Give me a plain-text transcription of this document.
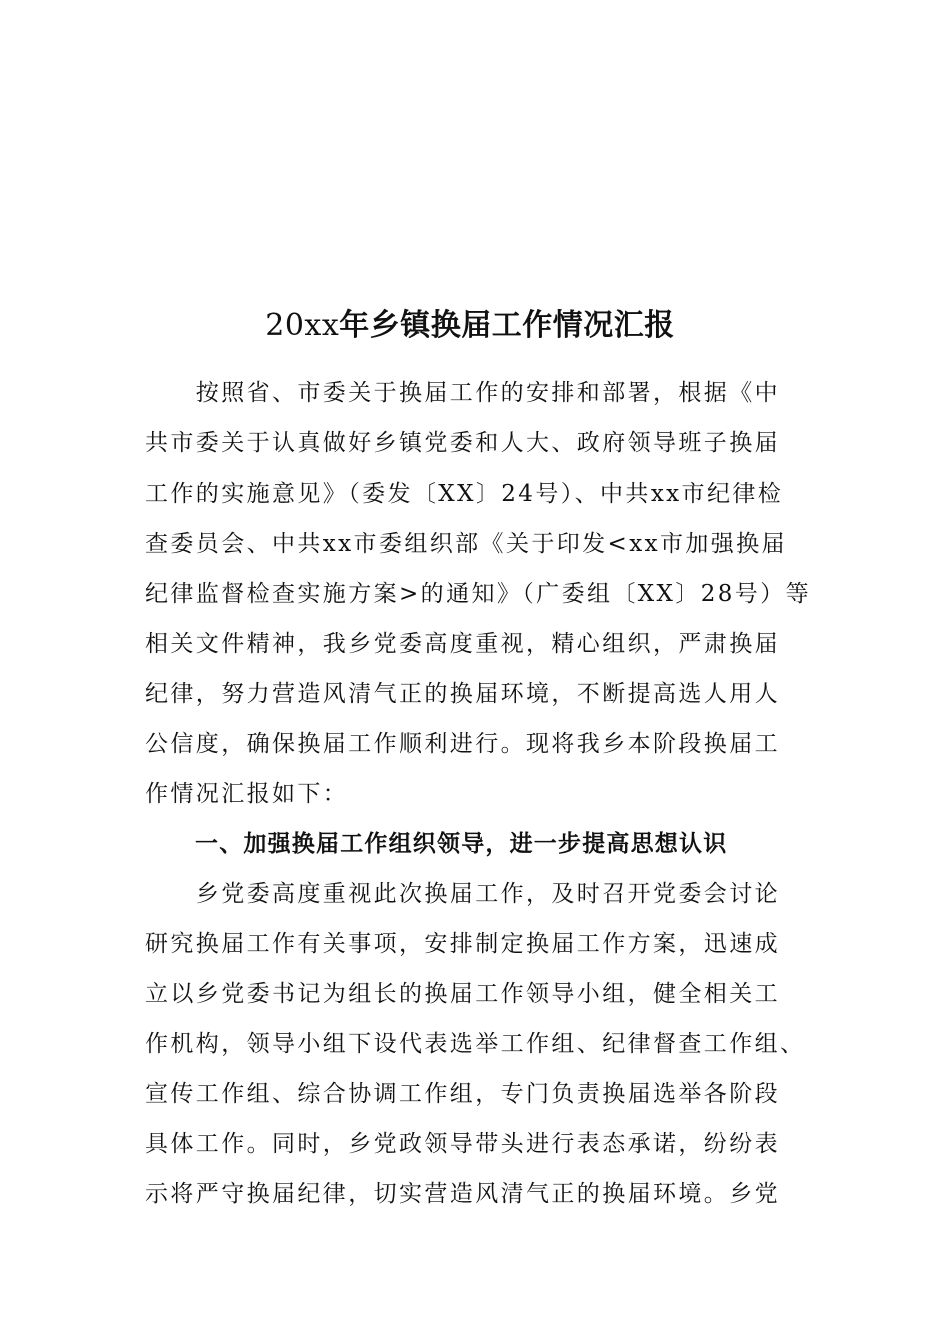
20xx年乡镇换届工作情况汇报
　　按照省、市委关于换届工作的安排和部署，根据《中
共市委关于认真做好乡镇党委和人大、政府领导班子换届
工作的实施意见》（委发〔XX〕24号）、中共xx市纪律检
查委员会、中共xx市委组织部《关于印发<xx市加强换届
纪律监督检查实施方案>的通知》（广委组〔XX〕28号）等
相关文件精神，我乡党委高度重视，精心组织，严肃换届
纪律，努力营造风清气正的换届环境，不断提高选人用人
公信度，确保换届工作顺利进行。现将我乡本阶段换届工
作情况汇报如下：
一、加强换届工作组织领导，进一步提高思想认识
　　乡党委高度重视此次换届工作，及时召开党委会讨论
研究换届工作有关事项，安排制定换届工作方案，迅速成
立以乡党委书记为组长的换届工作领导小组，健全相关工
作机构，领导小组下设代表选举工作组、纪律督查工作组、
宣传工作组、综合协调工作组，专门负责换届选举各阶段
具体工作。同时，乡党政领导带头进行表态承诺，纷纷表
示将严守换届纪律，切实营造风清气正的换届环境。乡党
